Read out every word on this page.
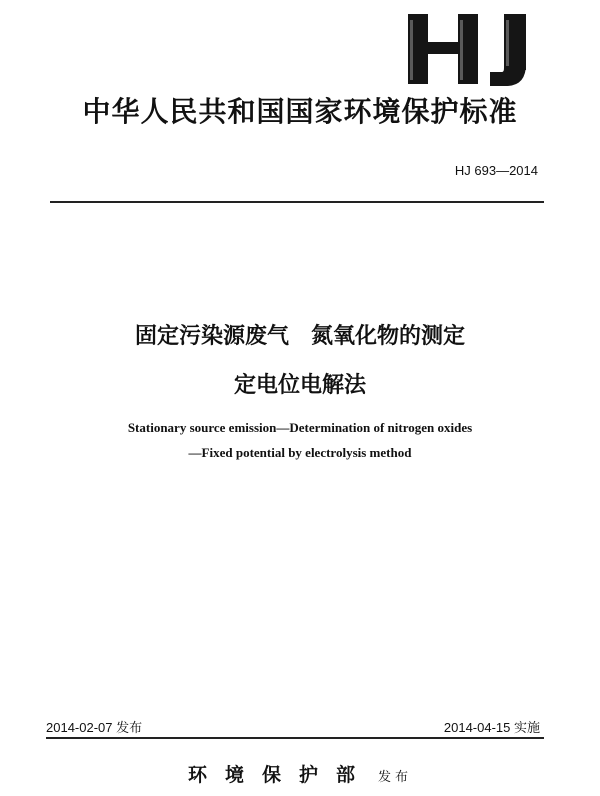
中华人民共和国国家环境保护标准
HJ 693—2014
固定污染源废气　氮氧化物的测定
定电位电解法
Stationary source emission—Determination of nitrogen oxides
—Fixed potential by electrolysis method
2014-02-07 发布	2014-04-15 实施
环境保护部 发布
